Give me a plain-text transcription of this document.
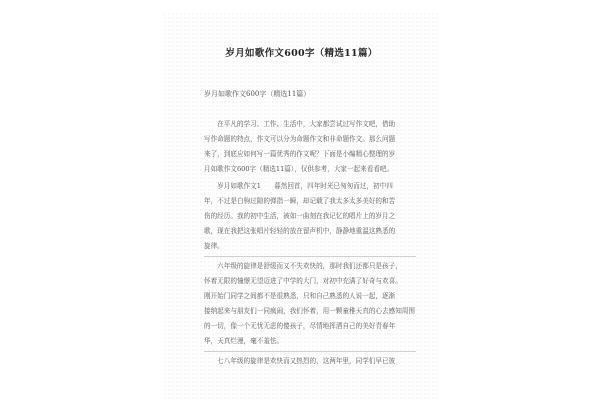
岁月如歌作文600字（精选11篇）
岁月如歌作文600字（精选11篇）

　　在平凡的学习、工作、生活中，大家都尝试过写作文吧，借助
写作命题的特点，作文可以分为命题作文和非命题作文。那么问题
来了，到底应如何写一篇优秀的作文呢？下面是小编精心整理的岁
月如歌作文600字（精选11篇），仅供参考，大家一起来看看吧。

　　岁月如歌作文1　　暮然回首，四年时光已匆匆而过，初中四
年，不过是白驹过隙的弹指一瞬，却记载了我太多太多美好的和苦
伤的经历。我的初中生活，被如一曲刻在我记忆的唱片上的岁月之
歌，现在我把这张唱片轻轻的放在留声机中，静静地重温这熟悉的
旋律。

　　六年级的旋律是舒缓而又不失欢快的，那时我们还都只是孩子，
怀着无限的憧憬无望迈进了中学的大门，对初中充满了好奇与欢喜。
刚开始门同学之间都不是很熟悉，只和自己熟悉的人说一起，逐渐
接纳起来与朋友们一同疯闹，我们怀着，用一颗童稚天真的心去感知周围
的一切，像一个无忧无虑的傻孩子，尽情地挥洒自己的美好青春年
华，天真烂漫，毫不羞怯。

　　七八年级的旋律是欢快而又热烈的，这两年里，同学们早已彼
